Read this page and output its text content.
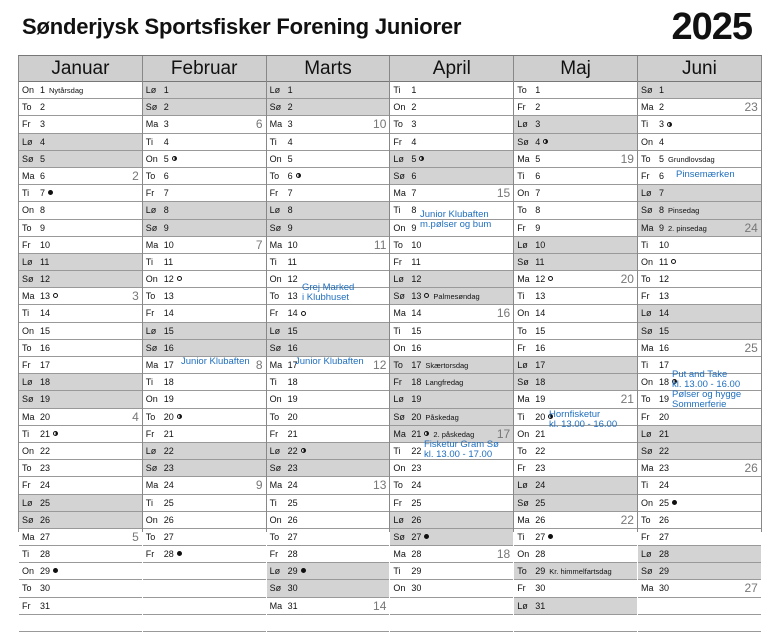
Sønderjysk Sportsfisker Forening Juniorer	2025
Januar
On 1 Nytårsdag
To 2
Fr 3
Lø 4
Sø 5
Ma 6	2
Ti 7
On 8
To 9
Fr 10
Lø 11
Sø 12
Ma 13	3
Ti 14
On 15
To 16
Fr 17
Lø 18
Sø 19
Ma 20	4
Ti 21
On 22
To 23
Fr 24
Lø 25
Sø 26
Ma 27	5
Ti 28
On 29
To 30
Fr 31
Februar
Lø 1
Sø 2
Ma 3	6
Ti 4
On 5
To 6
Fr 7
Lø 8
Sø 9
Ma 10	7
Ti 11
On 12
To 13
Fr 14
Lø 15
Sø 16
Ma 17	8
Ti 18
On 19
To 20
Fr 21
Lø 22
Sø 23
Ma 24	9
Ti 25
On 26
To 27
Fr 28
Marts
Lø 1
Sø 2
Ma 3	10
Ti 4
On 5
To 6
Fr 7
Lø 8
Sø 9
Ma 10	11
Ti 11
On 12
To 13
Fr 14
Lø 15
Sø 16
Ma 17	12
Ti 18
On 19
To 20
Fr 21
Lø 22
Sø 23
Ma 24	13
Ti 25
On 26
To 27
Fr 28
Lø 29
Sø 30
Ma 31	14
April
Ti 1
On 2
To 3
Fr 4
Lø 5
Sø 6
Ma 7	15
Ti 8
On 9
To 10
Fr 11
Lø 12
Sø 13 Palmesøndag
Ma 14	16
Ti 15
On 16
To 17 Skærtorsdag
Fr 18 Langfredag
Lø 19
Sø 20 Påskedag
Ma 21 2. påskedag 17
Ti 22
On 23
To 24
Fr 25
Lø 26
Sø 27
Ma 28	18
Ti 29
On 30
Maj
To 1
Fr 2
Lø 3
Sø 4
Ma 5	19
Ti 6
On 7
To 8
Fr 9
Lø 10
Sø 11
Ma 12	20
Ti 13
On 14
To 15
Fr 16
Lø 17
Sø 18
Ma 19	21
Ti 20
On 21
To 22
Fr 23
Lø 24
Sø 25
Ma 26	22
Ti 27
On 28
To 29 Kr. himmelfartsdag
Fr 30
Lø 31
Juni
Sø 1
Ma 2	23
Ti 3
On 4
To 5 Grundlovsdag
Fr 6
Lø 7
Sø 8 Pinsedag
Ma 9 2. pinsedag	24
Ti 10
On 11
To 12
Fr 13
Lø 14
Sø 15
Ma 16	25
Ti 17
On 18
To 19
Fr 20
Lø 21
Sø 22
Ma 23	26
Ti 24
On 25
To 26
Fr 27
Lø 28
Sø 29
Ma 30	27
Junior Klubaften	Junior Klubaften
Grej Marked
i Klubhuset
Junior Klubaften
m.pølser og bum
Fisketur Gram Sø
kl. 13.00 - 17.00
Hornfisketur
kl. 13.00 - 16.00
Pinsemærken
Put and Take
kl. 13.00 - 16.00
Pølser og hygge
Sommerferie
